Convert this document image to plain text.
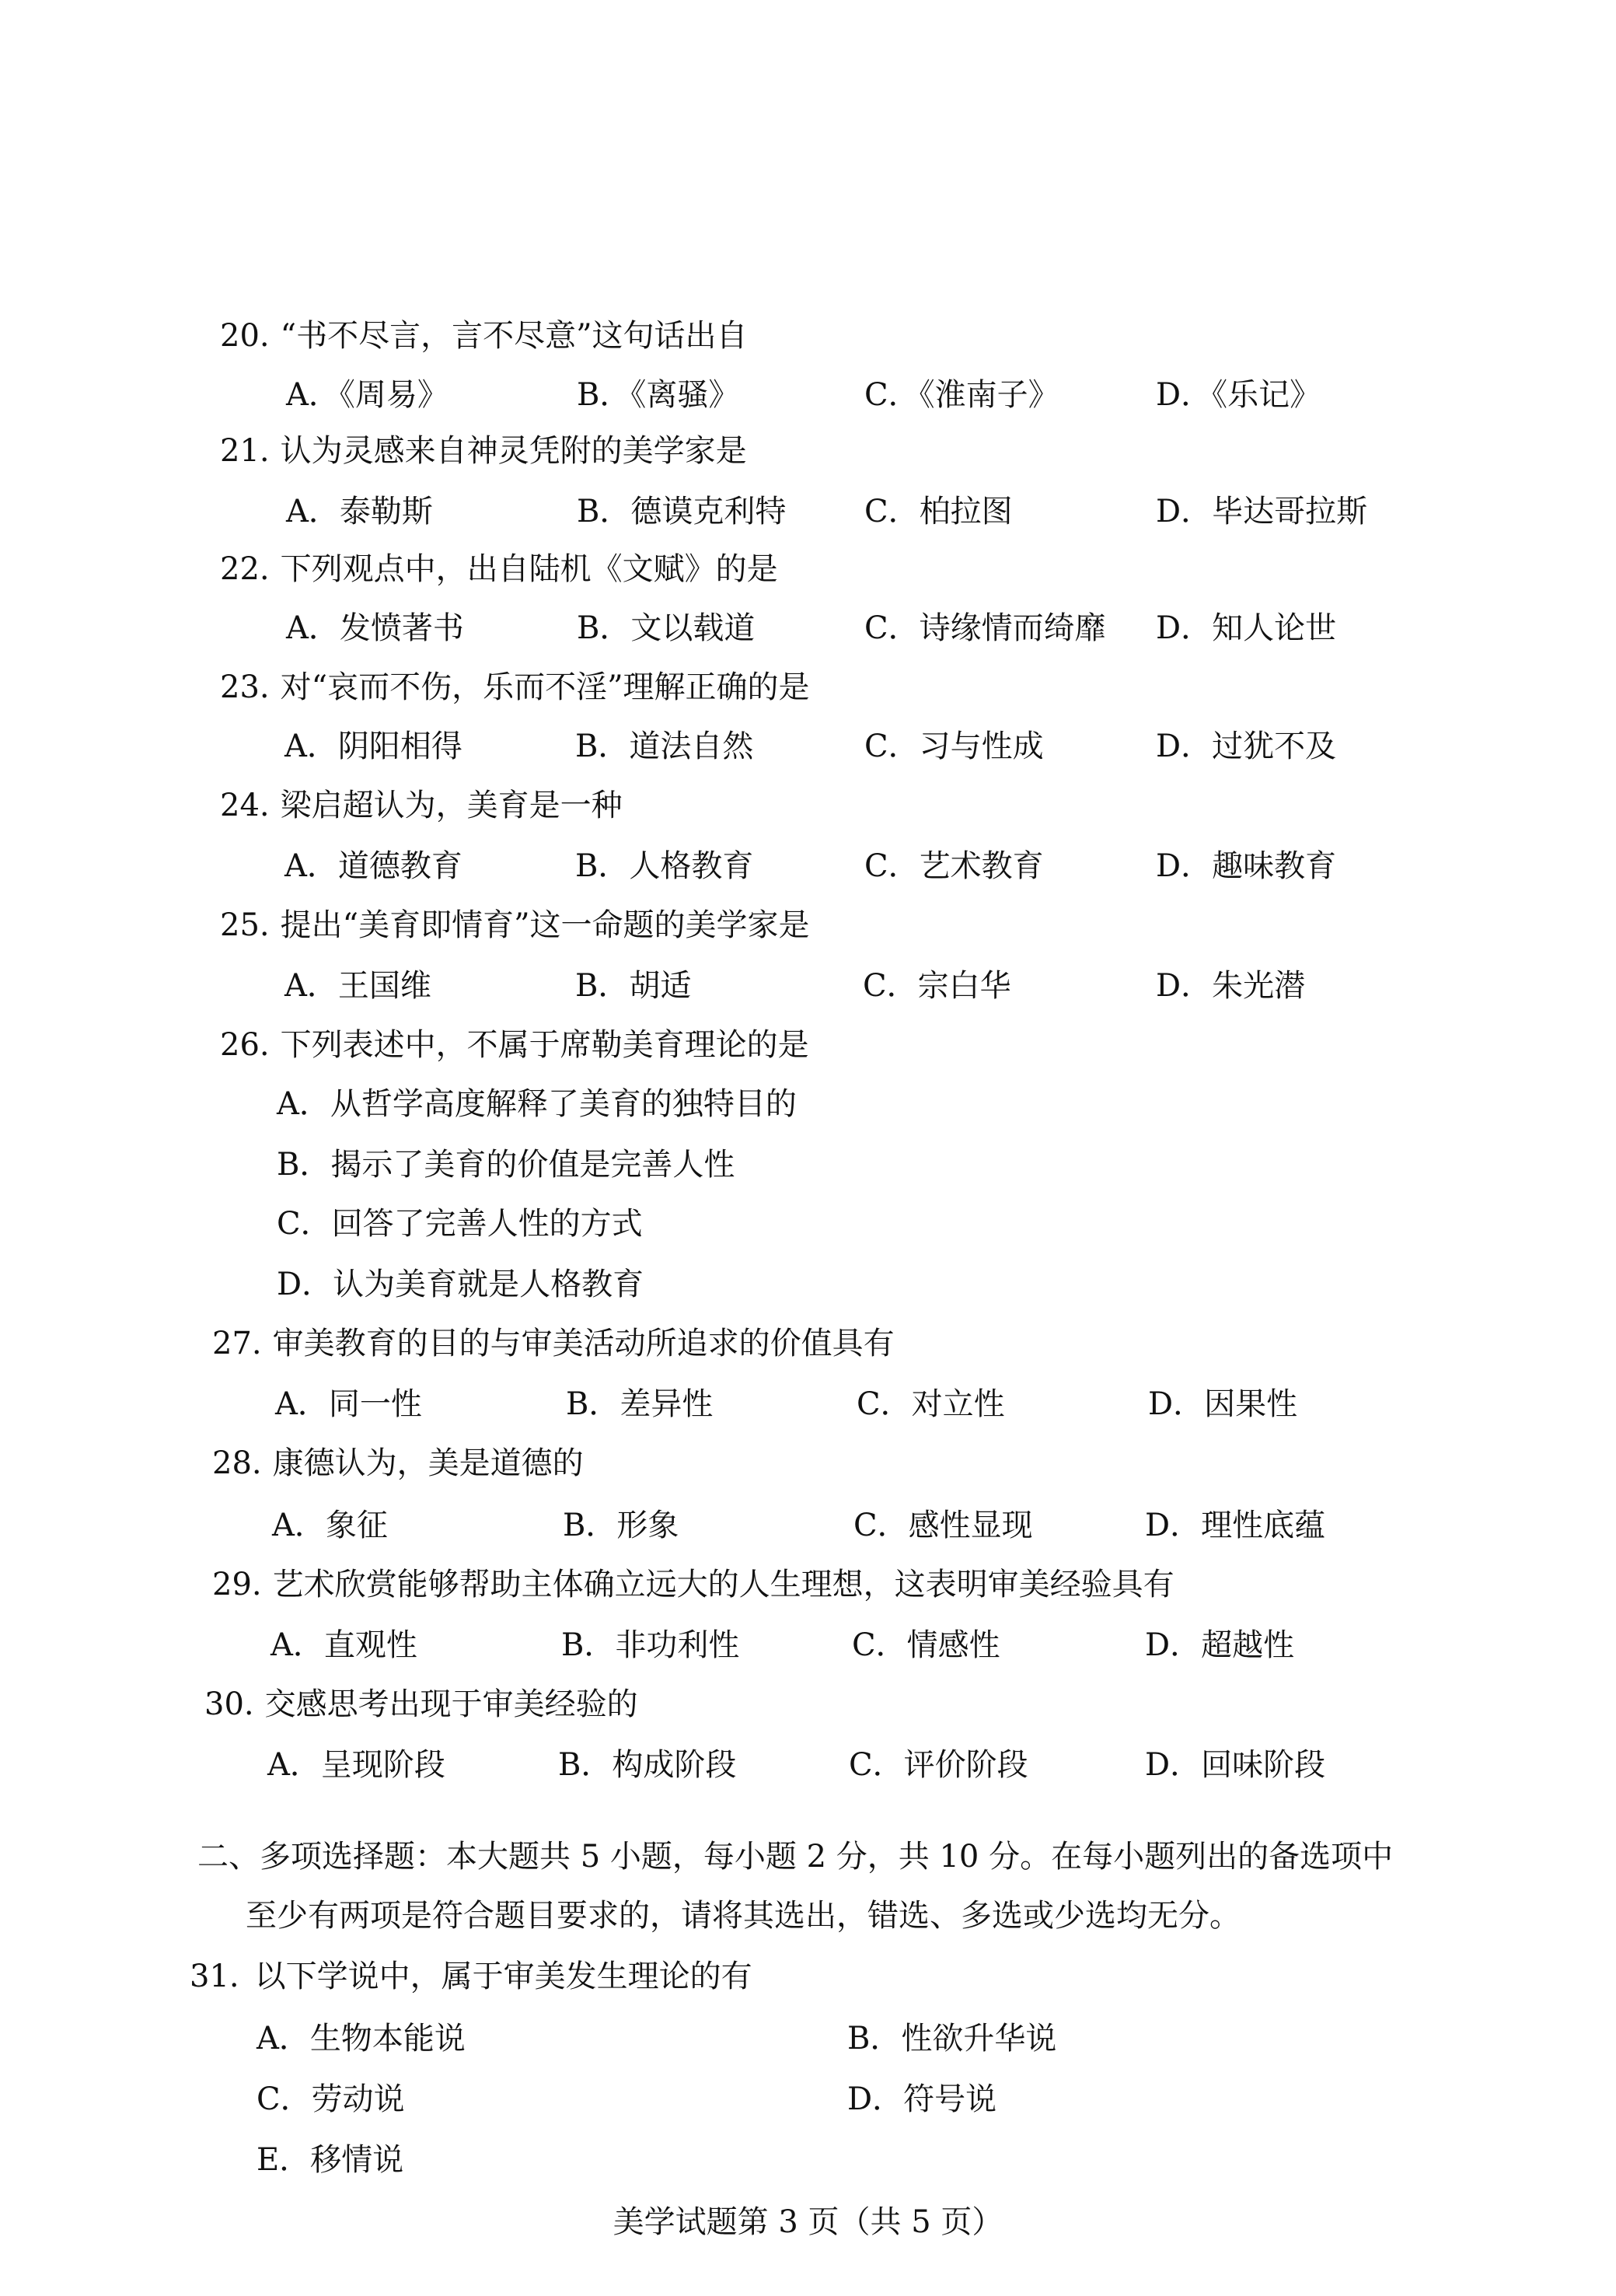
20. “书不尽言，言不尽意”这句话出自
A．《周易》	B．《离骚》	C．《淮南子》	D．《乐记》
21. 认为灵感来自神灵凭附的美学家是
A．泰勒斯	B．德谟克利特	C．柏拉图	D．毕达哥拉斯
22. 下列观点中，出自陆机《文赋》的是
A．发愤著书	B．文以载道	C．诗缘情而绮靡 D．知人论世
23. 对“哀而不伤，乐而不淫”理解正确的是
A．阴阳相得	B．道法自然	C．习与性成	D．过犹不及
24. 梁启超认为，美育是一种
A．道德教育	B．人格教育	C．艺术教育	D．趣味教育
25. 提出“美育即情育”这一命题的美学家是
A．王国维	B．胡适	C．宗白华	D．朱光潜
26. 下列表述中，不属于席勒美育理论的是
A．从哲学高度解释了美育的独特目的
B．揭示了美育的价值是完善人性
C．回答了完善人性的方式
D．认为美育就是人格教育
27. 审美教育的目的与审美活动所追求的价值具有
A．同一性	B．差异性	C．对立性	D．因果性
28. 康德认为，美是道德的
A．象征	B．形象	C．感性显现	D．理性底蕴
29. 艺术欣赏能够帮助主体确立远大的人生理想，这表明审美经验具有
A．直观性	B．非功利性	C．情感性	D．超越性
30. 交感思考出现于审美经验的
A．呈现阶段	B．构成阶段	C．评价阶段	D．回味阶段
二、多项选择题：本大题共 5 小题，每小题 2 分，共 10 分。在每小题列出的备选项中
至少有两项是符合题目要求的，请将其选出，错选、多选或少选均无分。
31. 以下学说中，属于审美发生理论的有
A．生物本能说	B．性欲升华说
C．劳动说	D．符号说
E．移情说
美学试题第 3 页（共 5 页）
